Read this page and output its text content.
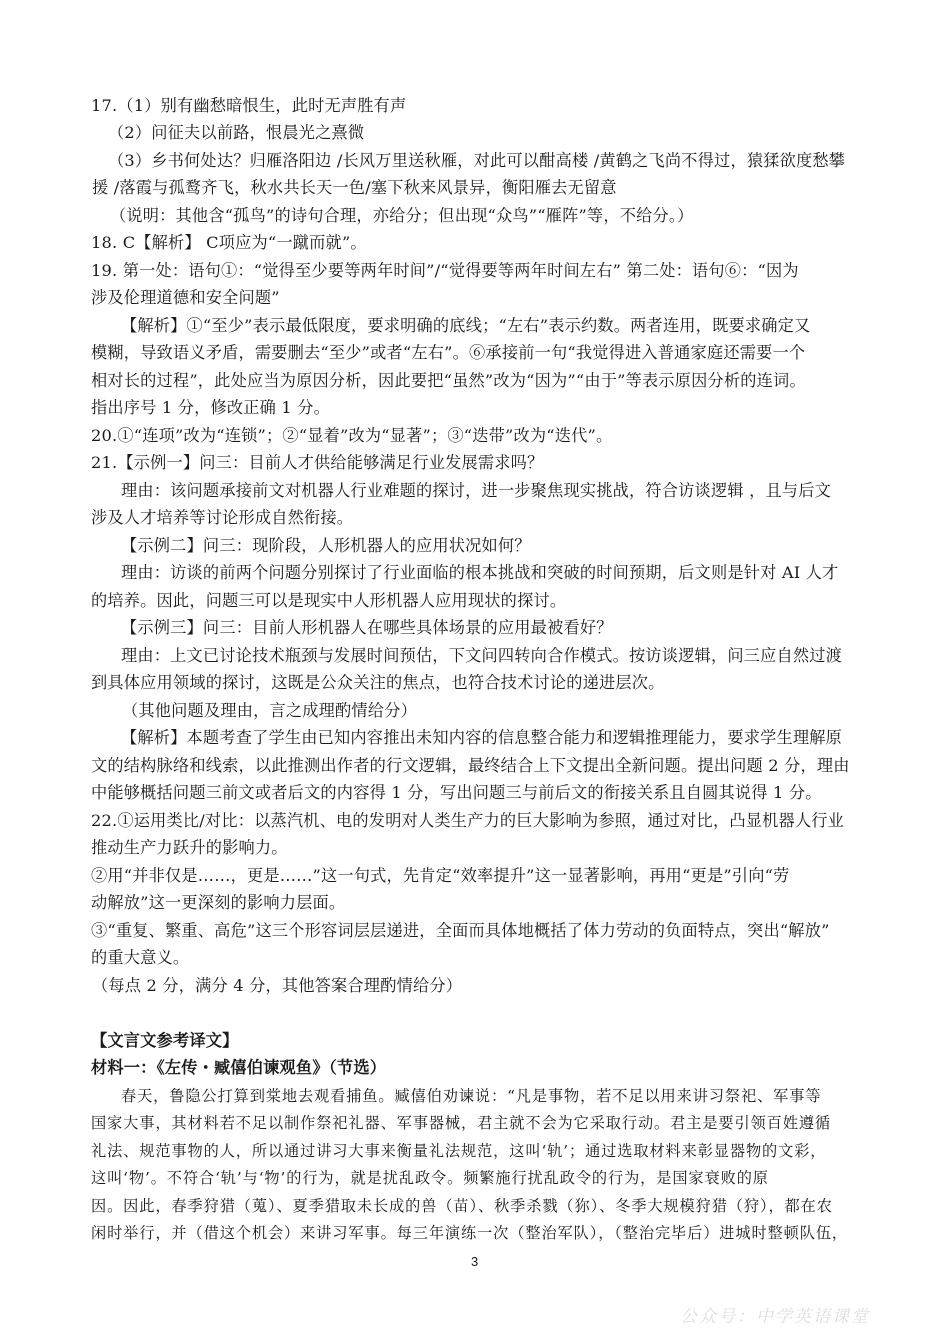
17.（1）别有幽愁暗恨生，此时无声胜有声
（2）问征夫以前路，恨晨光之熹微
（3）乡书何处达？归雁洛阳边 /长风万里送秋雁，对此可以酣高楼 /黄鹤之飞尚不得过，猿猱欲度愁攀
援 /落霞与孤鹜齐飞，秋水共长天一色/塞下秋来风景异，衡阳雁去无留意
（说明：其他含“孤鸟”的诗句合理，亦给分；但出现“众鸟”“雁阵”等，不给分。）
18. C【解析】 C项应为“一蹴而就”。
19. 第一处：语句①：“觉得至少要等两年时间”/“觉得要等两年时间左右” 第二处：语句⑥：“因为
涉及伦理道德和安全问题”
【解析】①“至少”表示最低限度，要求明确的底线；“左右”表示约数。两者连用，既要求确定又
模糊，导致语义矛盾，需要删去“至少”或者“左右”。⑥承接前一句“我觉得进入普通家庭还需要一个
相对长的过程”，此处应当为原因分析，因此要把“虽然”改为“因为”“由于”等表示原因分析的连词。
指出序号 1 分，修改正确 1 分。
20.①“连项”改为“连锁”；②“显着”改为“显著”；③“迭带”改为“迭代”。
21.【示例一】问三：目前人才供给能够满足行业发展需求吗？
理由：该问题承接前文对机器人行业难题的探讨，进一步聚焦现实挑战，符合访谈逻辑 ，且与后文
涉及人才培养等讨论形成自然衔接。
【示例二】问三：现阶段，人形机器人的应用状况如何？
理由：访谈的前两个问题分别探讨了行业面临的根本挑战和突破的时间预期，后文则是针对 AI 人才
的培养。因此，问题三可以是现实中人形机器人应用现状的探讨。
【示例三】问三：目前人形机器人在哪些具体场景的应用最被看好？
理由：上文已讨论技术瓶颈与发展时间预估，下文问四转向合作模式。按访谈逻辑，问三应自然过渡
到具体应用领域的探讨，这既是公众关注的焦点，也符合技术讨论的递进层次。
（其他问题及理由，言之成理酌情给分）
【解析】本题考查了学生由已知内容推出未知内容的信息整合能力和逻辑推理能力，要求学生理解原
文的结构脉络和线索，以此推测出作者的行文逻辑，最终结合上下文提出全新问题。提出问题 2 分，理由
中能够概括问题三前文或者后文的内容得 1 分，写出问题三与前后文的衔接关系且自圆其说得 1 分。
22.①运用类比/对比：以蒸汽机、电的发明对人类生产力的巨大影响为参照，通过对比，凸显机器人行业
推动生产力跃升的影响力。
②用“并非仅是……，更是……”这一句式，先肯定“效率提升”这一显著影响，再用“更是”引向“劳
动解放”这一更深刻的影响力层面。
③“重复、繁重、高危”这三个形容词层层递进，全面而具体地概括了体力劳动的负面特点，突出“解放”
的重大意义。
（每点 2 分，满分 4 分，其他答案合理酌情给分）
【文言文参考译文】
材料一：《左传・臧僖伯谏观鱼》（节选）
春天，鲁隐公打算到棠地去观看捕鱼。臧僖伯劝谏说：“凡是事物，若不足以用来讲习祭祀、军事等
国家大事，其材料若不足以制作祭祀礼器、军事器械，君主就不会为它采取行动。君主是要引领百姓遵循
礼法、规范事物的人，所以通过讲习大事来衡量礼法规范，这叫‘轨’；通过选取材料来彰显器物的文彩，
这叫‘物’。不符合‘轨’与‘物’的行为，就是扰乱政令。频繁施行扰乱政令的行为，是国家衰败的原
因。因此，春季狩猎（蒐）、夏季猎取未长成的兽（苗）、秋季杀戮（狝）、冬季大规模狩猎（狩），都在农
闲时举行，并（借这个机会）来讲习军事。每三年演练一次（整治军队），（整治完毕后）进城时整顿队伍，
3
公众号：中学英语课堂
